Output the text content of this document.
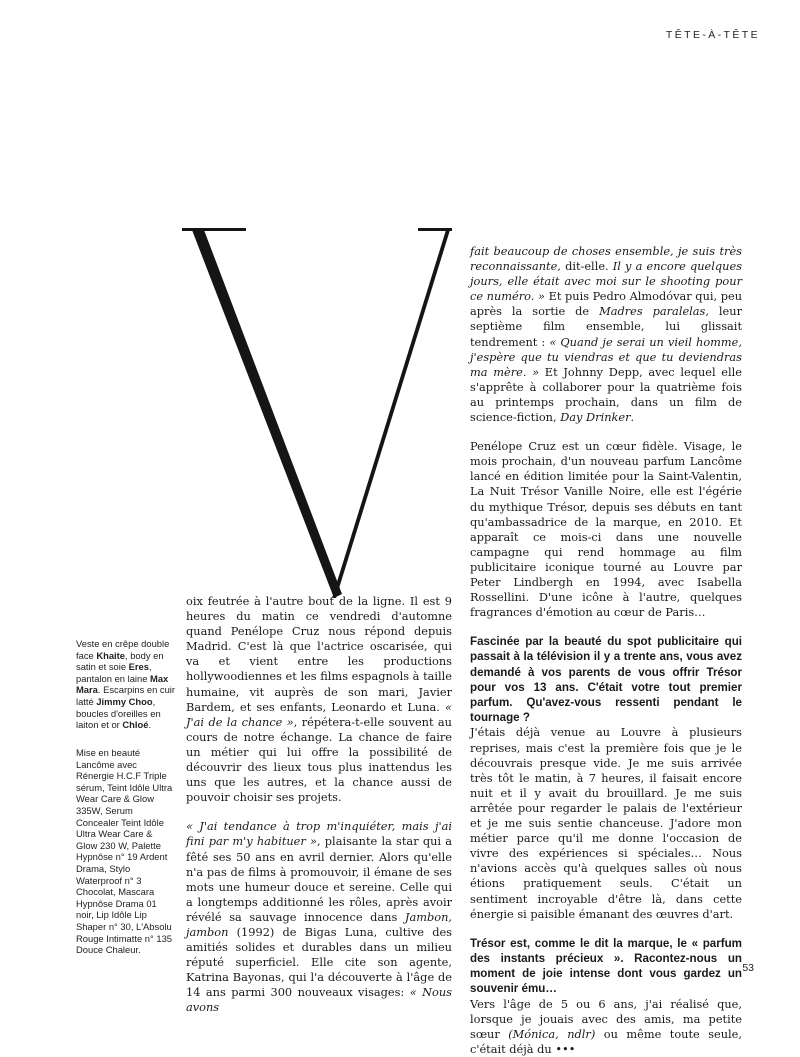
TÊTE-À-TÊTE
V
Veste en crêpe double face Khaite, body en satin et soie Eres, pantalon en laine Max Mara. Escarpins en cuir latté Jimmy Choo, boucles d'oreilles en laiton et or Chloé.
Mise en beauté Lancôme avec Rénergie H.C.F Triple sérum, Teint Idôle Ultra Wear Care & Glow 335W, Serum Concealer Teint Idôle Ultra Wear Care & Glow 230 W, Palette Hypnôse n° 19 Ardent Drama, Stylo Waterproof n° 3 Chocolat, Mascara Hypnôse Drama 01 noir, Lip Idôle Lip Shaper n° 30, L'Absolu Rouge Intimatte n° 135 Douce Chaleur.

oix feutrée à l'autre bout de la ligne. Il est 9 heures du matin ce vendredi d'automne quand Penélope Cruz nous répond depuis Madrid. C'est là que l'actrice oscarisée, qui va et vient entre les productions hollywoodiennes et les films espagnols à taille humaine, vit auprès de son mari, Javier Bardem, et ses enfants, Leonardo et Luna. « J'ai de la chance », répétera-t-elle souvent au cours de notre échange. La chance de faire un métier qui lui offre la possibilité de découvrir des lieux tous plus inattendus les uns que les autres, et la chance aussi de pouvoir choisir ses projets.

« J'ai tendance à trop m'inquiéter, mais j'ai fini par m'y habituer », plaisante la star qui a fêté ses 50 ans en avril dernier. Alors qu'elle n'a pas de films à promouvoir, il émane de ses mots une humeur douce et sereine. Celle qui a longtemps additionné les rôles, après avoir révélé sa sauvage innocence dans Jambon, jambon (1992) de Bigas Luna, cultive des amitiés solides et durables dans un milieu réputé superficiel. Elle cite son agente, Katrina Bayonas, qui l'a découverte à l'âge de 14 ans parmi 300 nouveaux visages: « Nous avons

fait beaucoup de choses ensemble, je suis très reconnaissante, dit-elle. Il y a encore quelques jours, elle était avec moi sur le shooting pour ce numéro. » Et puis Pedro Almodóvar qui, peu après la sortie de Madres paralelas, leur septième film ensemble, lui glissait tendrement : « Quand je serai un vieil homme, j'espère que tu viendras et que tu deviendras ma mère. » Et Johnny Depp, avec lequel elle s'apprête à collaborer pour la quatrième fois au printemps prochain, dans un film de science-fiction, Day Drinker.

Penélope Cruz est un cœur fidèle. Visage, le mois prochain, d'un nouveau parfum Lancôme lancé en édition limitée pour la Saint-Valentin, La Nuit Trésor Vanille Noire, elle est l'égérie du mythique Trésor, depuis ses débuts en tant qu'ambassadrice de la marque, en 2010. Et apparaît ce mois-ci dans une nouvelle campagne qui rend hommage au film publicitaire iconique tourné au Louvre par Peter Lindbergh en 1994, avec Isabella Rossellini. D'une icône à l'autre, quelques fragrances d'émotion au cœur de Paris…

Fascinée par la beauté du spot publicitaire qui passait à la télévision il y a trente ans, vous avez demandé à vos parents de vous offrir Trésor pour vos 13 ans. C'était votre tout premier parfum. Qu'avez-vous ressenti pendant le tournage ?

J'étais déjà venue au Louvre à plusieurs reprises, mais c'est la première fois que je le découvrais presque vide. Je me suis arrivée très tôt le matin, à 7 heures, il faisait encore nuit et il y avait du brouillard. Je me suis arrêtée pour regarder le palais de l'extérieur et je me suis sentie chanceuse. J'adore mon métier parce qu'il me donne l'occasion de vivre des expériences si spéciales… Nous n'avions accès qu'à quelques salles où nous étions pratiquement seuls. C'était un sentiment incroyable d'être là, dans cette énergie si paisible émanant des œuvres d'art.

Trésor est, comme le dit la marque, le « parfum des instants précieux ». Racontez-nous un moment de joie intense dont vous gardez un souvenir ému…

Vers l'âge de 5 ou 6 ans, j'ai réalisé que, lorsque je jouais avec des amis, ma petite sœur (Mónica, ndlr) ou même toute seule, c'était déjà du •••

53
